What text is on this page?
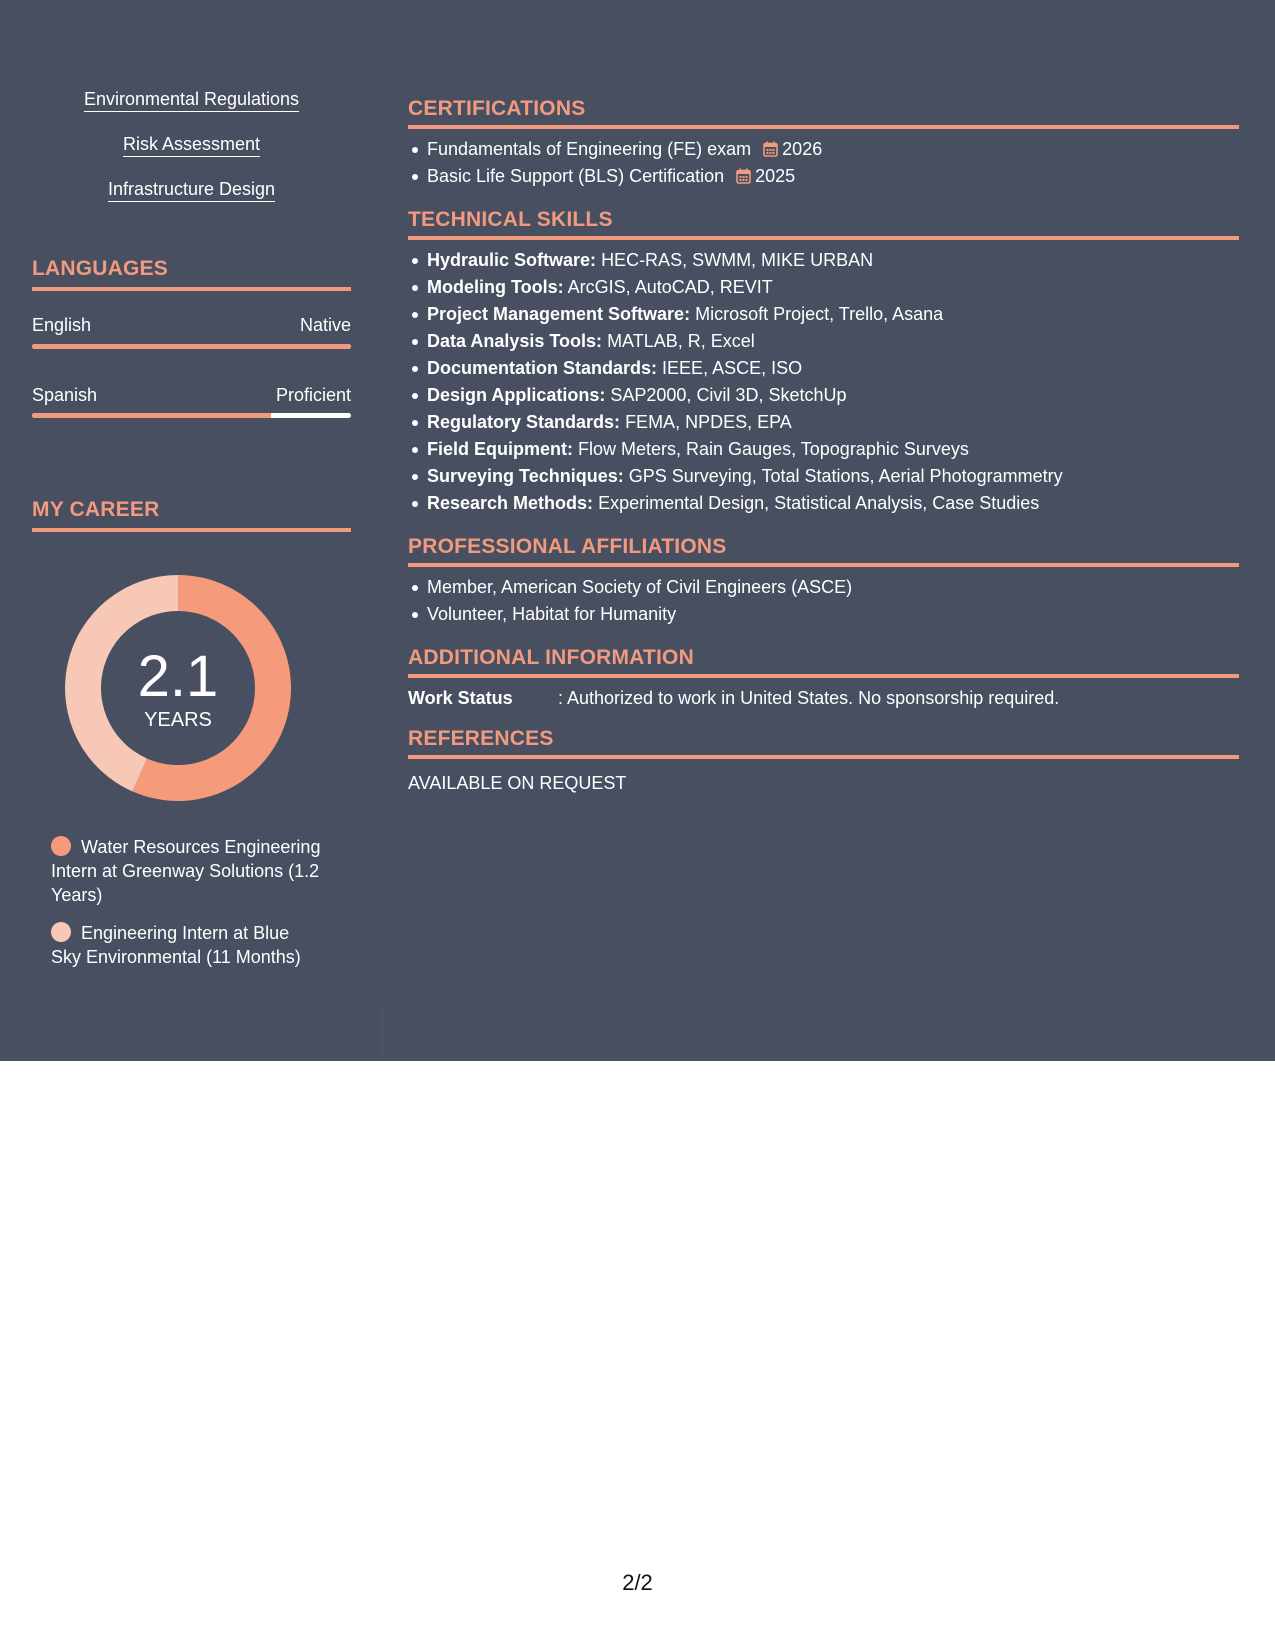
Environmental Regulations
Risk Assessment
Infrastructure Design
LANGUAGES
English	Native
Spanish	Proficient
MY CAREER
2.1
YEARS
Water Resources Engineering Intern at Greenway Solutions (1.2 Years)
Engineering Intern at Blue Sky Environmental (11 Months)
CERTIFICATIONS
Fundamentals of Engineering (FE) exam 2026
Basic Life Support (BLS) Certification 2025
TECHNICAL SKILLS
Hydraulic Software: HEC-RAS, SWMM, MIKE URBAN
Modeling Tools: ArcGIS, AutoCAD, REVIT
Project Management Software: Microsoft Project, Trello, Asana
Data Analysis Tools: MATLAB, R, Excel
Documentation Standards: IEEE, ASCE, ISO
Design Applications: SAP2000, Civil 3D, SketchUp
Regulatory Standards: FEMA, NPDES, EPA
Field Equipment: Flow Meters, Rain Gauges, Topographic Surveys
Surveying Techniques: GPS Surveying, Total Stations, Aerial Photogrammetry
Research Methods: Experimental Design, Statistical Analysis, Case Studies
PROFESSIONAL AFFILIATIONS
Member, American Society of Civil Engineers (ASCE)
Volunteer, Habitat for Humanity
ADDITIONAL INFORMATION
Work Status	: Authorized to work in United States. No sponsorship required.
REFERENCES
AVAILABLE ON REQUEST
2/2
